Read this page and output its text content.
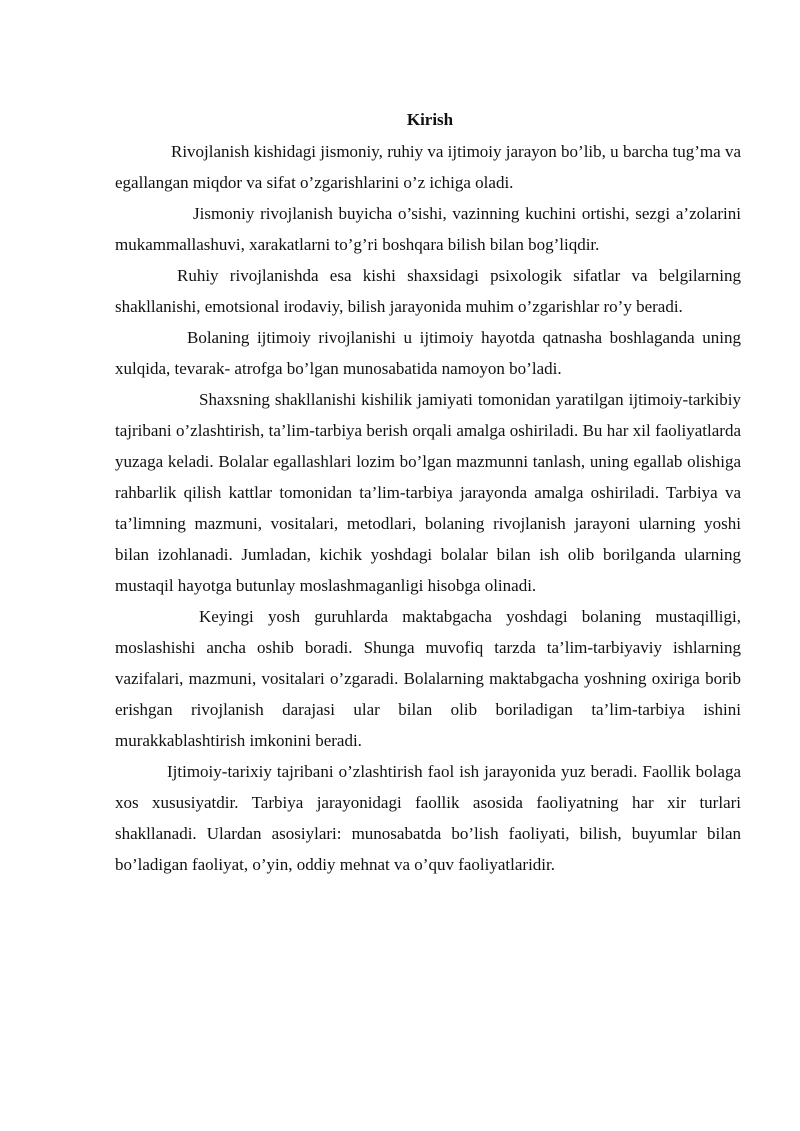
Kirish

Rivojlanish kishidagi jismoniy, ruhiy va ijtimoiy jarayon bo’lib, u barcha tug’ma va egallangan miqdor va sifat o’zgarishlarini o’z ichiga oladi.

Jismoniy rivojlanish buyicha o’sishi, vazinning kuchini ortishi, sezgi a’zolarini mukammallashuvi, xarakatlarni to’g’ri boshqara bilish bilan bog’liqdir.

Ruhiy rivojlanishda esa kishi shaxsidagi psixologik sifatlar va belgilarning shakllanishi, emotsional irodaviy, bilish jarayonida muhim o’zgarishlar ro’y beradi.

Bolaning ijtimoiy rivojlanishi u ijtimoiy hayotda qatnasha boshlaganda uning xulqida, tevarak- atrofga bo’lgan munosabatida namoyon bo’ladi.

Shaxsning shakllanishi kishilik jamiyati tomonidan yaratilgan ijtimoiy-tarkibiy tajribani o’zlashtirish, ta’lim-tarbiya berish orqali amalga oshiriladi. Bu har xil faoliyatlarda yuzaga keladi. Bolalar egallashlari lozim bo’lgan mazmunni tanlash, uning egallab olishiga rahbarlik qilish kattlar tomonidan ta’lim-tarbiya jarayonda amalga oshiriladi. Tarbiya va ta’limning mazmuni, vositalari, metodlari, bolaning rivojlanish jarayoni ularning yoshi bilan izohlanadi. Jumladan, kichik yoshdagi bolalar bilan ish olib borilganda ularning mustaqil hayotga butunlay moslashmaganligi hisobga olinadi.

Keyingi yosh guruhlarda maktabgacha yoshdagi bolaning mustaqilligi, moslashishi ancha oshib boradi. Shunga muvofiq tarzda ta’lim-tarbiyaviy ishlarning vazifalari, mazmuni, vositalari o’zgaradi. Bolalarning maktabgacha yoshning oxiriga borib erishgan rivojlanish darajasi ular bilan olib boriladigan ta’lim-tarbiya ishini murakkablashtirish imkonini beradi.

Ijtimoiy-tarixiy tajribani o’zlashtirish faol ish jarayonida yuz beradi. Faollik bolaga xos xususiyatdir. Tarbiya jarayonidagi faollik asosida faoliyatning har xir turlari shakllanadi. Ulardan asosiylari: munosabatda bo’lish faoliyati, bilish, buyumlar bilan bo’ladigan faoliyat, o’yin, oddiy mehnat va o’quv faoliyatlaridir.
